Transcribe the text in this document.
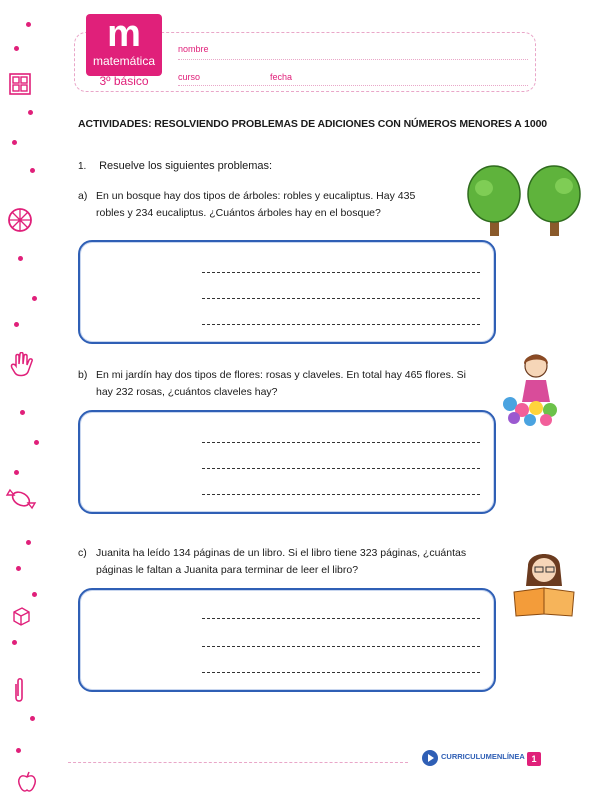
m
matemática
3º básico
nombre
curso	fecha
ACTIVIDADES: RESOLVIENDO PROBLEMAS DE ADICIONES CON NÚMEROS MENORES A 1000
1. Resuelve los siguientes problemas:
a) En un bosque hay dos tipos de árboles: robles y eucaliptus. Hay 435
robles y 234 eucaliptus. ¿Cuántos árboles hay en el bosque?
b) En mi jardín hay dos tipos de flores: rosas y claveles. En total hay 465 flores. Si
hay 232 rosas, ¿cuántos claveles hay?
c) Juanita ha leído 134 páginas de un libro. Si el libro tiene 323 páginas, ¿cuántas
páginas le faltan a Juanita para terminar de leer el libro?
CURRICULUMENLÍNEA 1
